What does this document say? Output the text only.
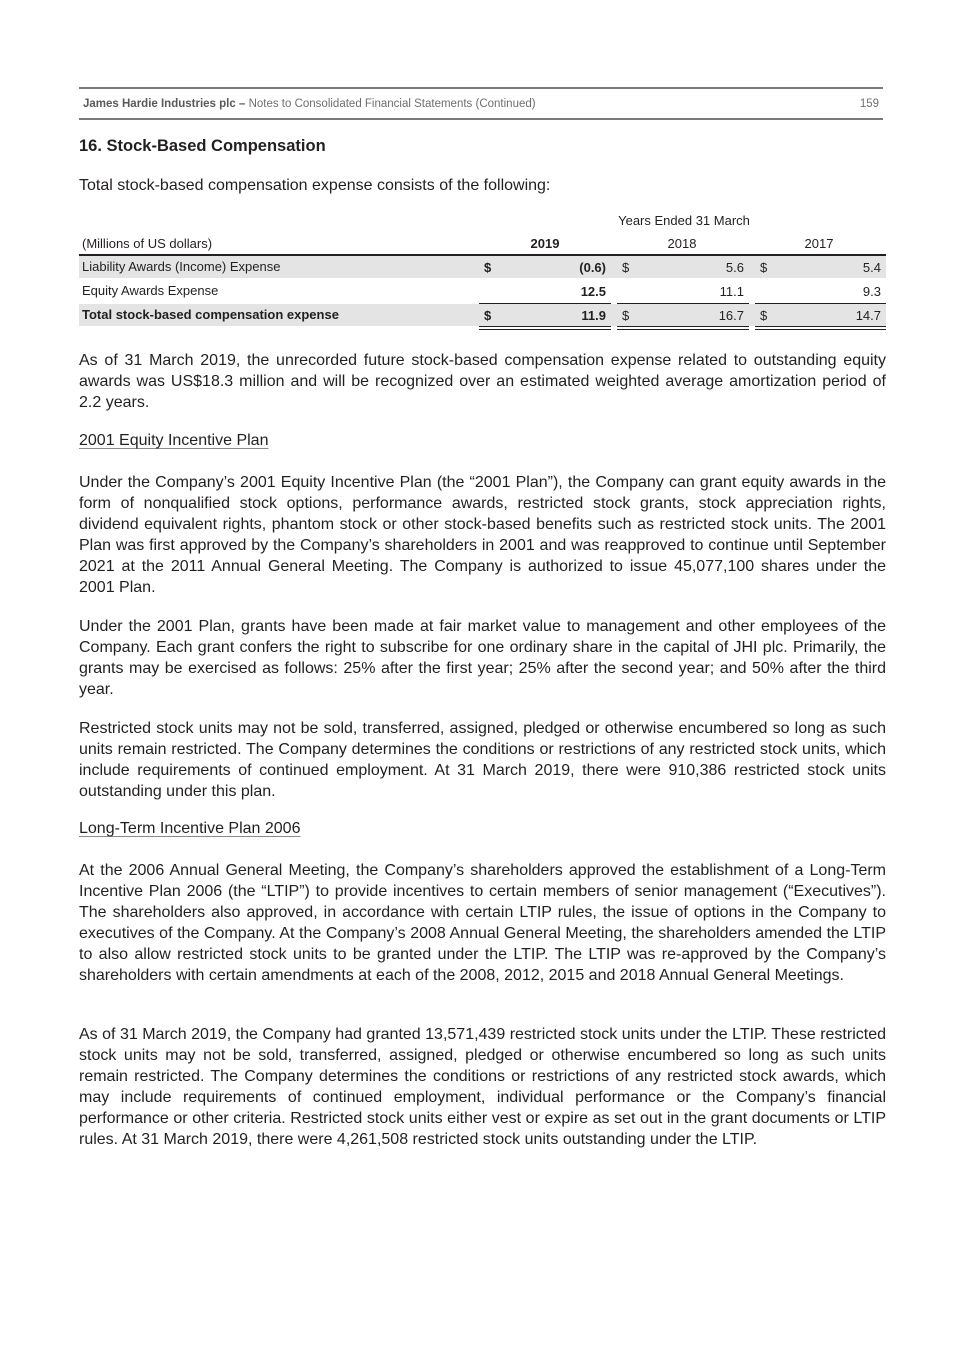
James Hardie Industries plc – Notes to Consolidated Financial Statements (Continued)	159
16. Stock-Based Compensation
Total stock-based compensation expense consists of the following:
Years Ended 31 March
(Millions of US dollars)	2019	2018	2017
Liability Awards (Income) Expense	$	(0.6) $	5.6 $	5.4
Equity Awards Expense	12.5	11.1	9.3
Total stock-based compensation expense	$	11.9 $	16.7 $	14.7

As of 31 March 2019, the unrecorded future stock-based compensation expense related to outstanding equity awards was US$18.3 million and will be recognized over an estimated weighted average amortization period of 2.2 years.

2001 Equity Incentive Plan

Under the Company’s 2001 Equity Incentive Plan (the “2001 Plan”), the Company can grant equity awards in the form of nonqualified stock options, performance awards, restricted stock grants, stock appreciation rights, dividend equivalent rights, phantom stock or other stock-based benefits such as restricted stock units. The 2001 Plan was first approved by the Company’s shareholders in 2001 and was reapproved to continue until September 2021 at the 2011 Annual General Meeting. The Company is authorized to issue 45,077,100 shares under the 2001 Plan.

Under the 2001 Plan, grants have been made at fair market value to management and other employees of the Company. Each grant confers the right to subscribe for one ordinary share in the capital of JHI plc. Primarily, the grants may be exercised as follows: 25% after the first year; 25% after the second year; and 50% after the third year.

Restricted stock units may not be sold, transferred, assigned, pledged or otherwise encumbered so long as such units remain restricted. The Company determines the conditions or restrictions of any restricted stock units, which include requirements of continued employment. At 31 March 2019, there were 910,386 restricted stock units outstanding under this plan.

Long-Term Incentive Plan 2006

At the 2006 Annual General Meeting, the Company’s shareholders approved the establishment of a Long-Term Incentive Plan 2006 (the “LTIP”) to provide incentives to certain members of senior management (“Executives”). The shareholders also approved, in accordance with certain LTIP rules, the issue of options in the Company to executives of the Company. At the Company’s 2008 Annual General Meeting, the shareholders amended the LTIP to also allow restricted stock units to be granted under the LTIP. The LTIP was re-approved by the Company’s shareholders with certain amendments at each of the 2008, 2012, 2015 and 2018 Annual General Meetings.

As of 31 March 2019, the Company had granted 13,571,439 restricted stock units under the LTIP. These restricted stock units may not be sold, transferred, assigned, pledged or otherwise encumbered so long as such units remain restricted. The Company determines the conditions or restrictions of any restricted stock awards, which may include requirements of continued employment, individual performance or the Company’s financial performance or other criteria. Restricted stock units either vest or expire as set out in the grant documents or LTIP rules. At 31 March 2019, there were 4,261,508 restricted stock units outstanding under the LTIP.
